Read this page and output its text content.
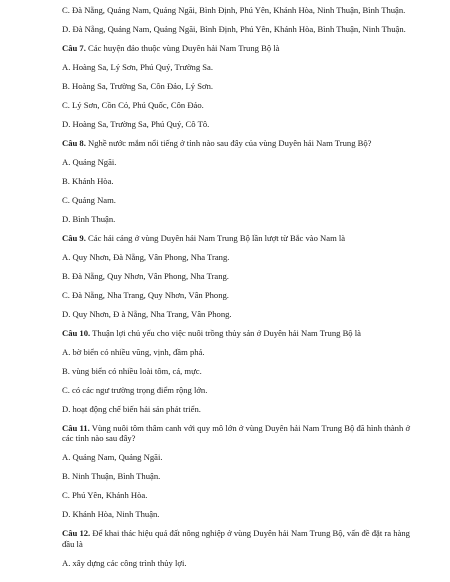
C. Đà Nẵng, Quảng Nam, Quảng Ngãi, Bình Định, Phú Yên, Khánh Hòa, Ninh Thuận, Bình Thuận.
D. Đà Nẵng, Quảng Nam, Quảng Ngãi, Bình Định, Phú Yên, Khánh Hòa, Bình Thuận, Ninh Thuận.
Câu 7. Các huyện đảo thuộc vùng Duyên hải Nam Trung Bộ là
A. Hoàng Sa, Lý Sơn, Phú Quý, Trường Sa.
B. Hoàng Sa, Trường Sa, Côn Đảo, Lý Sơn.
C. Lý Sơn, Cồn Cỏ, Phú Quốc, Côn Đảo.
D. Hoàng Sa, Trường Sa, Phú Quý, Cô Tô.
Câu 8. Nghề nước mắm nổi tiếng ở tỉnh nào sau đây của vùng Duyên hải Nam Trung Bộ?
A. Quảng Ngãi.
B. Khánh Hòa.
C. Quảng Nam.
D. Bình Thuận.
Câu 9. Các hải cảng ở vùng Duyên hải Nam Trung Bộ lần lượt từ Bắc vào Nam là
A. Quy Nhơn, Đà Nẵng, Vân Phong, Nha Trang.
B. Đà Nẵng, Quy Nhơn, Vân Phong, Nha Trang.
C. Đà Nẵng, Nha Trang, Quy Nhơn, Vân Phong.
D. Quy Nhơn, Đ à Nẵng, Nha Trang, Vân Phong.
Câu 10. Thuận lợi chủ yếu cho việc nuôi trồng thủy sản ở Duyên hải Nam Trung Bộ là
A. bờ biển có nhiều vũng, vịnh, đầm phá.
B. vùng biển có nhiều loài tôm, cá, mực.
C. có các ngư trường trọng điểm rộng lớn.
D. hoạt động chế biến hải sản phát triển.
Câu 11. Vùng nuôi tôm thâm canh với quy mô lớn ở vùng Duyên hải Nam Trung Bộ đã hình thành ở các tỉnh nào sau đây?
A. Quảng Nam, Quảng Ngãi.
B. Ninh Thuận, Bình Thuận.
C. Phú Yên, Khánh Hòa.
D. Khánh Hòa, Ninh Thuận.
Câu 12. Để khai thác hiệu quả đất nông nghiệp ở vùng Duyên hải Nam Trung Bộ, vấn đề đặt ra hàng đầu là
A. xây dựng các công trình thủy lợi.
